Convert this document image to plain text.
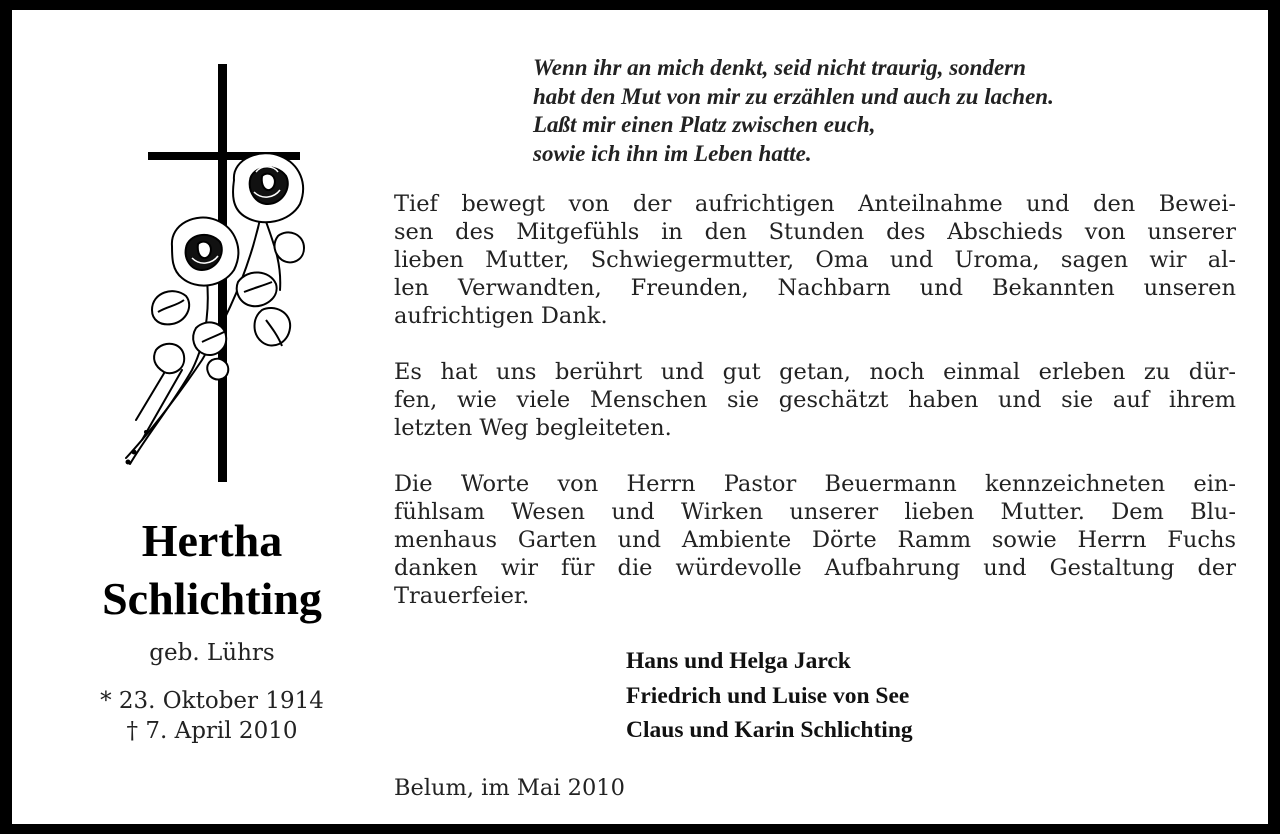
Hertha
Schlichting
geb. Lührs
* 23. Oktober 1914
† 7. April 2010
Wenn ihr an mich denkt, seid nicht traurig, sondern
habt den Mut von mir zu erzählen und auch zu lachen.
Laßt mir einen Platz zwischen euch,
sowie ich ihn im Leben hatte.
Tief bewegt von der aufrichtigen Anteilnahme und den Bewei-
sen des Mitgefühls in den Stunden des Abschieds von unserer
lieben Mutter, Schwiegermutter, Oma und Uroma, sagen wir al-
len Verwandten, Freunden, Nachbarn und Bekannten unseren
aufrichtigen Dank.
Es hat uns berührt und gut getan, noch einmal erleben zu dür-
fen, wie viele Menschen sie geschätzt haben und sie auf ihrem
letzten Weg begleiteten.
Die Worte von Herrn Pastor Beuermann kennzeichneten ein-
fühlsam Wesen und Wirken unserer lieben Mutter. Dem Blu-
menhaus Garten und Ambiente Dörte Ramm sowie Herrn Fuchs
danken wir für die würdevolle Aufbahrung und Gestaltung der
Trauerfeier.
Hans und Helga Jarck
Friedrich und Luise von See
Claus und Karin Schlichting
Belum, im Mai 2010
